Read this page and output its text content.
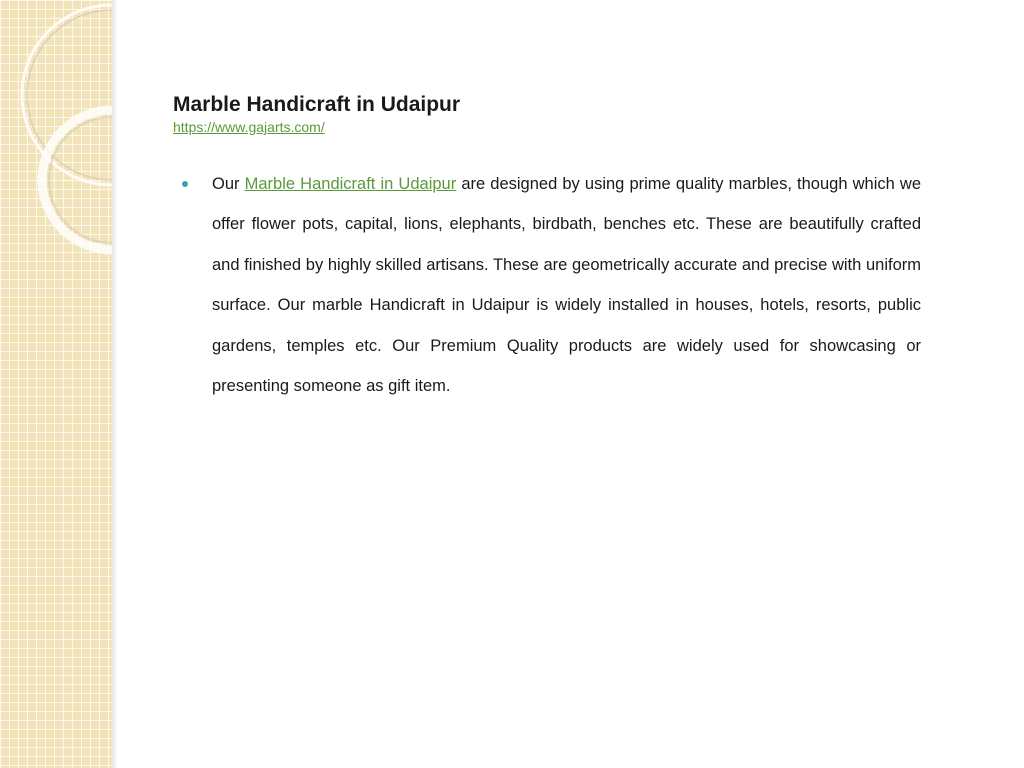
Marble Handicraft in Udaipur
https://www.gajarts.com/
Our Marble Handicraft in Udaipur are designed by using prime quality marbles, though which we offer flower pots, capital, lions, elephants, birdbath, benches etc. These are beautifully crafted and finished by highly skilled artisans. These are geometrically accurate and precise with uniform surface. Our marble Handicraft in Udaipur is widely installed in houses, hotels, resorts, public gardens, temples etc. Our Premium Quality products are widely used for showcasing or presenting someone as gift item.
